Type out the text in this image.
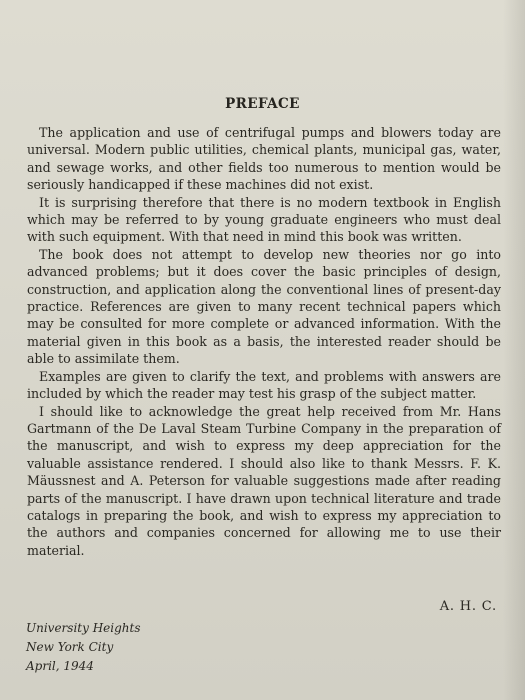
PREFACE

The application and use of centrifugal pumps and blowers today are universal. Modern public utilities, chemical plants, municipal gas, water, and sewage works, and other fields too numerous to mention would be seriously handicapped if these machines did not exist.

It is surprising therefore that there is no modern textbook in English which may be referred to by young graduate engineers who must deal with such equipment. With that need in mind this book was written.

The book does not attempt to develop new theories nor go into advanced problems; but it does cover the basic principles of design, construction, and application along the conventional lines of present-day practice. References are given to many recent technical papers which may be consulted for more complete or advanced information. With the material given in this book as a basis, the interested reader should be able to assimilate them.

Examples are given to clarify the text, and problems with answers are included by which the reader may test his grasp of the subject matter.

I should like to acknowledge the great help received from Mr. Hans Gartmann of the De Laval Steam Turbine Company in the preparation of the manuscript, and wish to express my deep appreciation for the valuable assistance rendered. I should also like to thank Messrs. F. K. Mäussnest and A. Peterson for valuable suggestions made after reading parts of the manuscript. I have drawn upon technical literature and trade catalogs in preparing the book, and wish to express my appreciation to the authors and companies concerned for allowing me to use their material.

A. H. C.
University Heights
New York City
April, 1944
